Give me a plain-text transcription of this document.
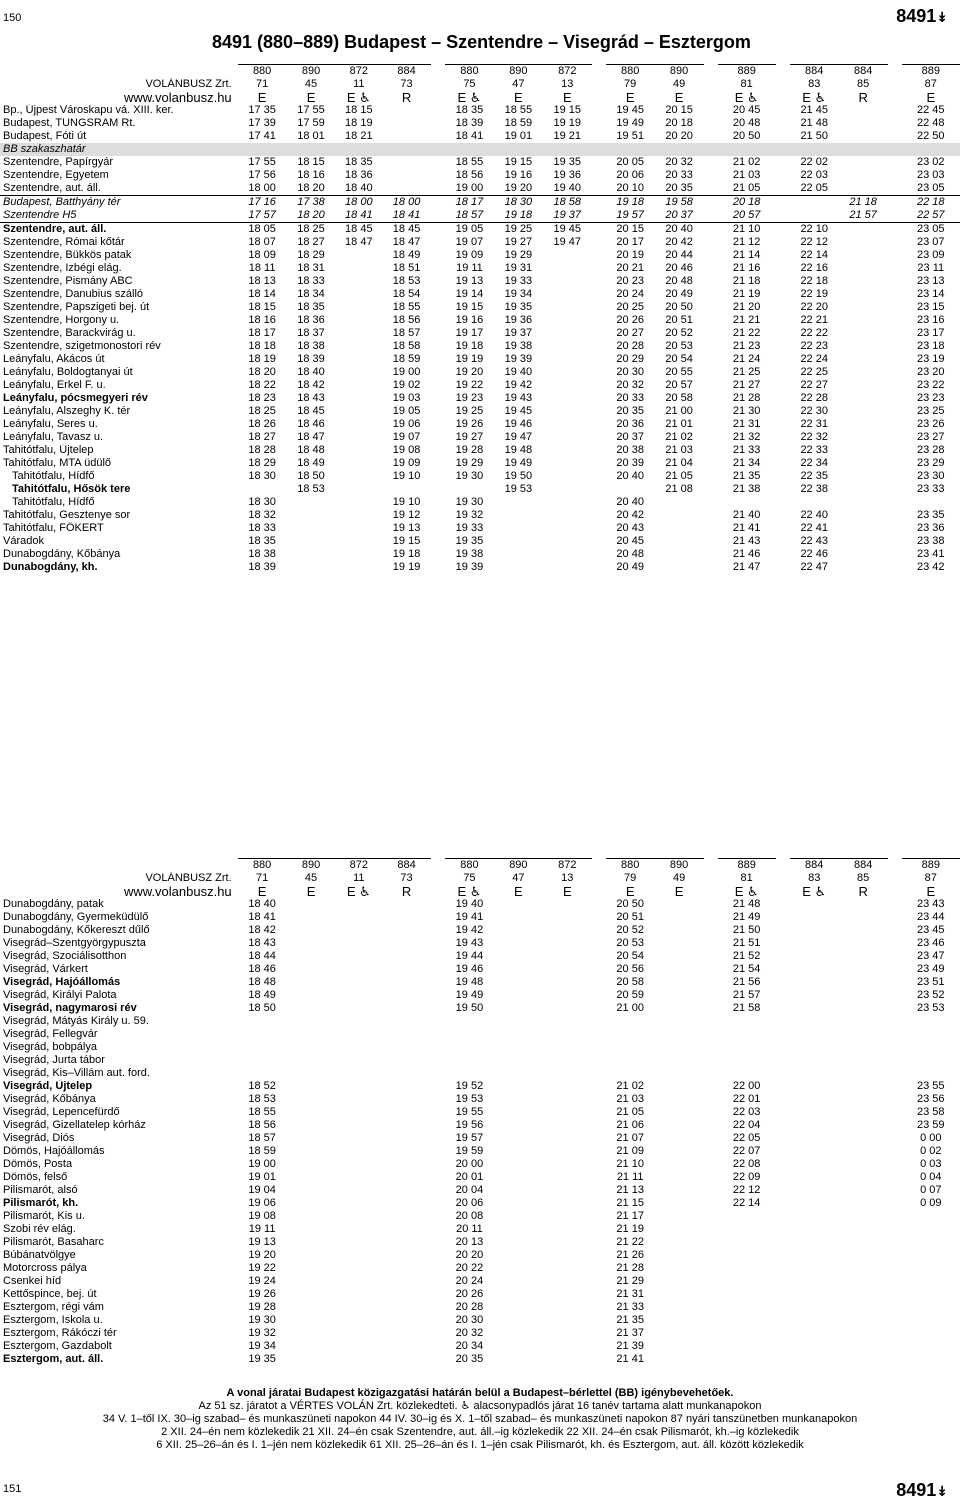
150	8491↡
8491 (880–889) Budapest – Szentendre – Visegrád – Esztergom
	880	890	872	884		880	890	872		880	890		889		884	884		889
VOLÁNBUSZ Zrt.	71	45	11	73		75	47	13		79	49		81		83	85		87
www.volanbusz.hu	E	E	E ♿	R		E ♿	E	E		E	E		E ♿		E ♿	R		E
Bp., Újpest Városkapu vá. XIII. ker.	17 35	17 55	18 15			18 35	18 55	19 15		19 45	20 15		20 45		21 45			22 45
Budapest, TUNGSRAM Rt.	17 39	17 59	18 19			18 39	18 59	19 19		19 49	20 18		20 48		21 48			22 48
Budapest, Fóti út	17 41	18 01	18 21			18 41	19 01	19 21		19 51	20 20		20 50		21 50			22 50
BB szakaszhatár																		
Szentendre, Papírgyár	17 55	18 15	18 35			18 55	19 15	19 35		20 05	20 32		21 02		22 02			23 02
Szentendre, Egyetem	17 56	18 16	18 36			18 56	19 16	19 36		20 06	20 33		21 03		22 03			23 03
Szentendre, aut. áll.	18 00	18 20	18 40			19 00	19 20	19 40		20 10	20 35		21 05		22 05			23 05
Budapest, Batthyány tér	17 16	17 38	18 00	18 00		18 17	18 30	18 58		19 18	19 58		20 18			21 18		22 18
Szentendre H5	17 57	18 20	18 41	18 41		18 57	19 18	19 37		19 57	20 37		20 57			21 57		22 57
Szentendre, aut. áll.	18 05	18 25	18 45	18 45		19 05	19 25	19 45		20 15	20 40		21 10		22 10			23 05
Szentendre, Római kőtár	18 07	18 27	18 47	18 47		19 07	19 27	19 47		20 17	20 42		21 12		22 12			23 07
Szentendre, Bükkös patak	18 09	18 29		18 49		19 09	19 29			20 19	20 44		21 14		22 14			23 09
Szentendre, Izbégi elág.	18 11	18 31		18 51		19 11	19 31			20 21	20 46		21 16		22 16			23 11
Szentendre, Pismány ABC	18 13	18 33		18 53		19 13	19 33			20 23	20 48		21 18		22 18			23 13
Szentendre, Danubius szálló	18 14	18 34		18 54		19 14	19 34			20 24	20 49		21 19		22 19			23 14
Szentendre, Papszigeti bej. út	18 15	18 35		18 55		19 15	19 35			20 25	20 50		21 20		22 20			23 15
Szentendre, Horgony u.	18 16	18 36		18 56		19 16	19 36			20 26	20 51		21 21		22 21			23 16
Szentendre, Barackvirág u.	18 17	18 37		18 57		19 17	19 37			20 27	20 52		21 22		22 22			23 17
Szentendre, szigetmonostori rév	18 18	18 38		18 58		19 18	19 38			20 28	20 53		21 23		22 23			23 18
Leányfalu, Akácos út	18 19	18 39		18 59		19 19	19 39			20 29	20 54		21 24		22 24			23 19
Leányfalu, Boldogtanyai út	18 20	18 40		19 00		19 20	19 40			20 30	20 55		21 25		22 25			23 20
Leányfalu, Erkel F. u.	18 22	18 42		19 02		19 22	19 42			20 32	20 57		21 27		22 27			23 22
Leányfalu, pócsmegyeri rév	18 23	18 43		19 03		19 23	19 43			20 33	20 58		21 28		22 28			23 23
Leányfalu, Alszeghy K. tér	18 25	18 45		19 05		19 25	19 45			20 35	21 00		21 30		22 30			23 25
Leányfalu, Seres u.	18 26	18 46		19 06		19 26	19 46			20 36	21 01		21 31		22 31			23 26
Leányfalu, Tavasz u.	18 27	18 47		19 07		19 27	19 47			20 37	21 02		21 32		22 32			23 27
Tahitótfalu, Újtelep	18 28	18 48		19 08		19 28	19 48			20 38	21 03		21 33		22 33			23 28
Tahitótfalu, MTA üdülő	18 29	18 49		19 09		19 29	19 49			20 39	21 04		21 34		22 34			23 29
Tahitótfalu, Hídfő	18 30	18 50		19 10		19 30	19 50			20 40	21 05		21 35		22 35			23 30
Tahitótfalu, Hősök tere		18 53					19 53				21 08		21 38		22 38			23 33
Tahitótfalu, Hídfő	18 30			19 10		19 30				20 40								
Tahitótfalu, Gesztenye sor	18 32			19 12		19 32				20 42			21 40		22 40			23 35
Tahitótfalu, FŐKERT	18 33			19 13		19 33				20 43			21 41		22 41			23 36
Váradok	18 35			19 15		19 35				20 45			21 43		22 43			23 38
Dunabogdány, Kőbánya	18 38			19 18		19 38				20 48			21 46		22 46			23 41
Dunabogdány, kh.	18 39			19 19		19 39				20 49			21 47		22 47			23 42
	880	890	872	884		880	890	872		880	890		889		884	884		889
VOLÁNBUSZ Zrt.	71	45	11	73		75	47	13		79	49		81		83	85		87
www.volanbusz.hu	E	E	E ♿	R		E ♿	E	E		E	E		E ♿		E ♿	R		E
Dunabogdány, patak	18 40					19 40				20 50			21 48					23 43
Dunabogdány, Gyermeküdülő	18 41					19 41				20 51			21 49					23 44
Dunabogdány, Kőkereszt dűlő	18 42					19 42				20 52			21 50					23 45
Visegrád–Szentgyörgypuszta	18 43					19 43				20 53			21 51					23 46
Visegrád, Szociálisotthon	18 44					19 44				20 54			21 52					23 47
Visegrád, Várkert	18 46					19 46				20 56			21 54					23 49
Visegrád, Hajóállomás	18 48					19 48				20 58			21 56					23 51
Visegrád, Királyi Palota	18 49					19 49				20 59			21 57					23 52
Visegrád, nagymarosi rév	18 50					19 50				21 00			21 58					23 53
Visegrád, Mátyás Király u. 59.																		
Visegrád, Fellegvár																		
Visegrád, bobpálya																		
Visegrád, Jurta tábor																		
Visegrád, Kis–Villám aut. ford.																		
Visegrád, Újtelep	18 52					19 52				21 02			22 00					23 55
Visegrád, Kőbánya	18 53					19 53				21 03			22 01					23 56
Visegrád, Lepencefürdő	18 55					19 55				21 05			22 03					23 58
Visegrád, Gizellatelep kórház	18 56					19 56				21 06			22 04					23 59
Visegrád, Diós	18 57					19 57				21 07			22 05					0 00
Dömös, Hajóállomás	18 59					19 59				21 09			22 07					0 02
Dömös, Posta	19 00					20 00				21 10			22 08					0 03
Dömös, felső	19 01					20 01				21 11			22 09					0 04
Pilismarót, alsó	19 04					20 04				21 13			22 12					0 07
Pilismarót, kh.	19 06					20 06				21 15			22 14					0 09
Pilismarót, Kis u.	19 08					20 08				21 17								
Szobi rév elág.	19 11					20 11				21 19								
Pilismarót, Basaharc	19 13					20 13				21 22								
Búbánatvölgye	19 20					20 20				21 26								
Motorcross pálya	19 22					20 22				21 28								
Csenkei híd	19 24					20 24				21 29								
Kettőspince, bej. út	19 26					20 26				21 31								
Esztergom, régi vám	19 28					20 28				21 33								
Esztergom, Iskola u.	19 30					20 30				21 35								
Esztergom, Rákóczi tér	19 32					20 32				21 37								
Esztergom, Gazdabolt	19 34					20 34				21 39								
Esztergom, aut. áll.	19 35					20 35				21 41								
A vonal járatai Budapest közigazgatási határán belül a Budapest–bérlettel (BB) igénybevehetőek.
Az 51 sz. járatot a VÉRTES VOLÁN Zrt. közlekedteti. ♿ alacsonypadlós járat 16 tanév tartama alatt munkanapokon
34 V. 1–től IX. 30–ig szabad– és munkaszüneti napokon 44 IV. 30–ig és X. 1–től szabad– és munkaszüneti napokon 87 nyári tanszünetben munkanapokon
2 XII. 24–én nem közlekedik 21 XII. 24–én csak Szentendre, aut. áll.–ig közlekedik 22 XII. 24–én csak Pilismarót, kh.–ig közlekedik
6 XII. 25–26–án és I. 1–jén nem közlekedik 61 XII. 25–26–án és I. 1–jén csak Pilismarót, kh. és Esztergom, aut. áll. között közlekedik
151	8491↡
